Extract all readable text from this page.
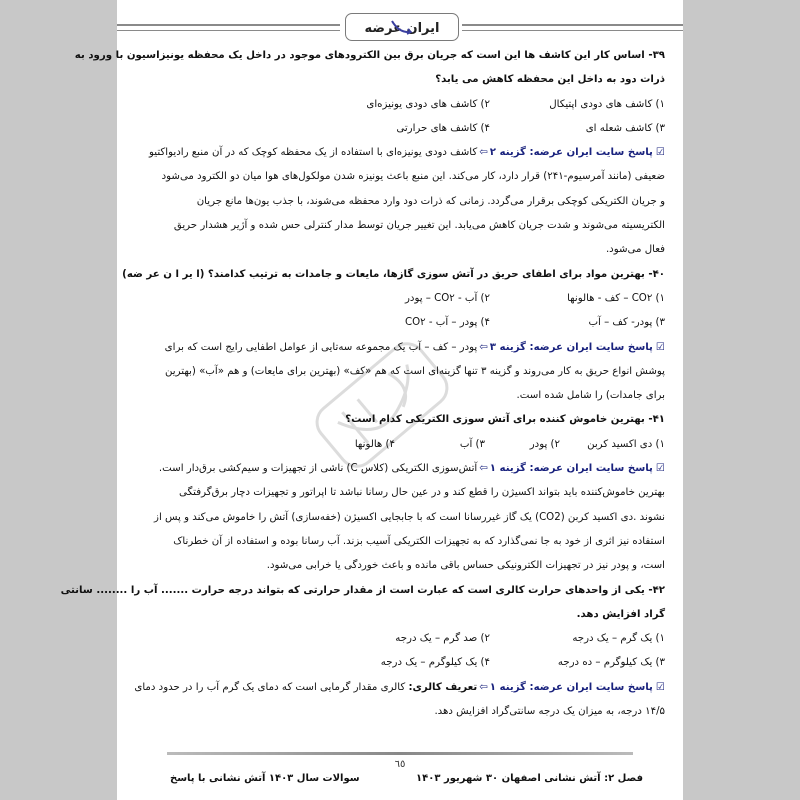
ایران عرضه
۳۹- اساس کار این کاشف ها این است که جریان برق بین الکترودهای موجود در داخل یک محفظه یونیزاسیون با ورود به
ذرات دود به داخل این محفظه کاهش می یابد؟
۱) کاشف های دودی اپتیکال
۲) کاشف های دودی یونیزه‌ای
۳) کاشف شعله ای
۴) کاشف های حرارتی
☑پاسخ سایت ایران عرضه: گزینه ۲⇦کاشف دودی یونیزه‌ای با استفاده از یک محفظه کوچک که در آن منبع رادیواکتیو
ضعیفی (مانند آمرسیوم-۲۴۱) قرار دارد، کار می‌کند. این منبع باعث یونیزه شدن مولکول‌های هوا میان دو الکترود می‌شود
و جریان الکتریکی کوچکی برقرار می‌گردد. زمانی که ذرات دود وارد محفظه می‌شوند، با جذب یون‌ها مانع جریان
الکتریسیته می‌شوند و شدت جریان کاهش می‌یابد. این تغییر جریان توسط مدار کنترلی حس شده و آژیر هشدار حریق
فعال می‌شود.
۴۰- بهترین مواد برای اطفای حریق در آتش سوزی گازها، مایعات و جامدات به ترتیب کدامند؟ (ا یر ا ن عر ضه)
۱) CO۲ – کف - هالونها
۲) آب - CO۲ – پودر
۳) پودر- کف – آب
۴) پودر – آب - CO۲
☑پاسخ سایت ایران عرضه: گزینه ۳⇦پودر – کف – آب یک مجموعه سه‌تایی از عوامل اطفایی رایج است که برای
پوشش انواع حریق به کار می‌روند و گزینه ۳ تنها گزینه‌ای است که هم «کف» (بهترین برای مایعات) و هم «آب» (بهترین
برای جامدات) را شامل شده است.
۴۱- بهترین خاموش کننده برای آتش سوزی الکتریکی کدام است؟
۱) دی اکسید کربن
۲) پودر
۳) آب
۴) هالونها
☑پاسخ سایت ایران عرضه: گزینه ۱⇦آتش‌سوزی الکتریکی (کلاس C) ناشی از تجهیزات و سیم‌کشی برق‌دار است.
بهترین خاموش‌کننده باید بتواند اکسیژن را قطع کند و در عین حال رسانا نباشد تا اپراتور و تجهیزات دچار برق‌گرفتگی
نشوند .دی اکسید کربن (CO2) یک گاز غیررسانا است که با جابجایی اکسیژن (خفه‌سازی) آتش را خاموش می‌کند و پس از
استفاده نیز اثری از خود به جا نمی‌گذارد که به تجهیزات الکتریکی آسیب بزند. آب رسانا بوده و استفاده از آن خطرناک
است، و پودر نیز در تجهیزات الکترونیکی حساس باقی مانده و باعث خوردگی یا خرابی می‌شود.
۴۲- یکی از واحدهای حرارت کالری است که عبارت است از مقدار حرارتی که بتواند درجه حرارت ....... آب را ........ سانتی
گراد افزایش دهد.
۱) یک گرم – یک درجه
۲) صد گرم – یک درجه
۳) یک کیلوگرم – ده درجه
۴) یک کیلوگرم – یک درجه
☑پاسخ سایت ایران عرضه: گزینه ۱⇦تعریف کالری: کالری مقدار گرمایی است که دمای یک گرم آب را در حدود دمای
۱۴/۵ درجه، به میزان یک درجه سانتی‌گراد افزایش دهد.
٦٥
فصل ۲: آتش نشانی اصفهان ۳۰ شهریور ۱۴۰۳
سوالات سال ۱۴۰۳ آتش نشانی با پاسخ
